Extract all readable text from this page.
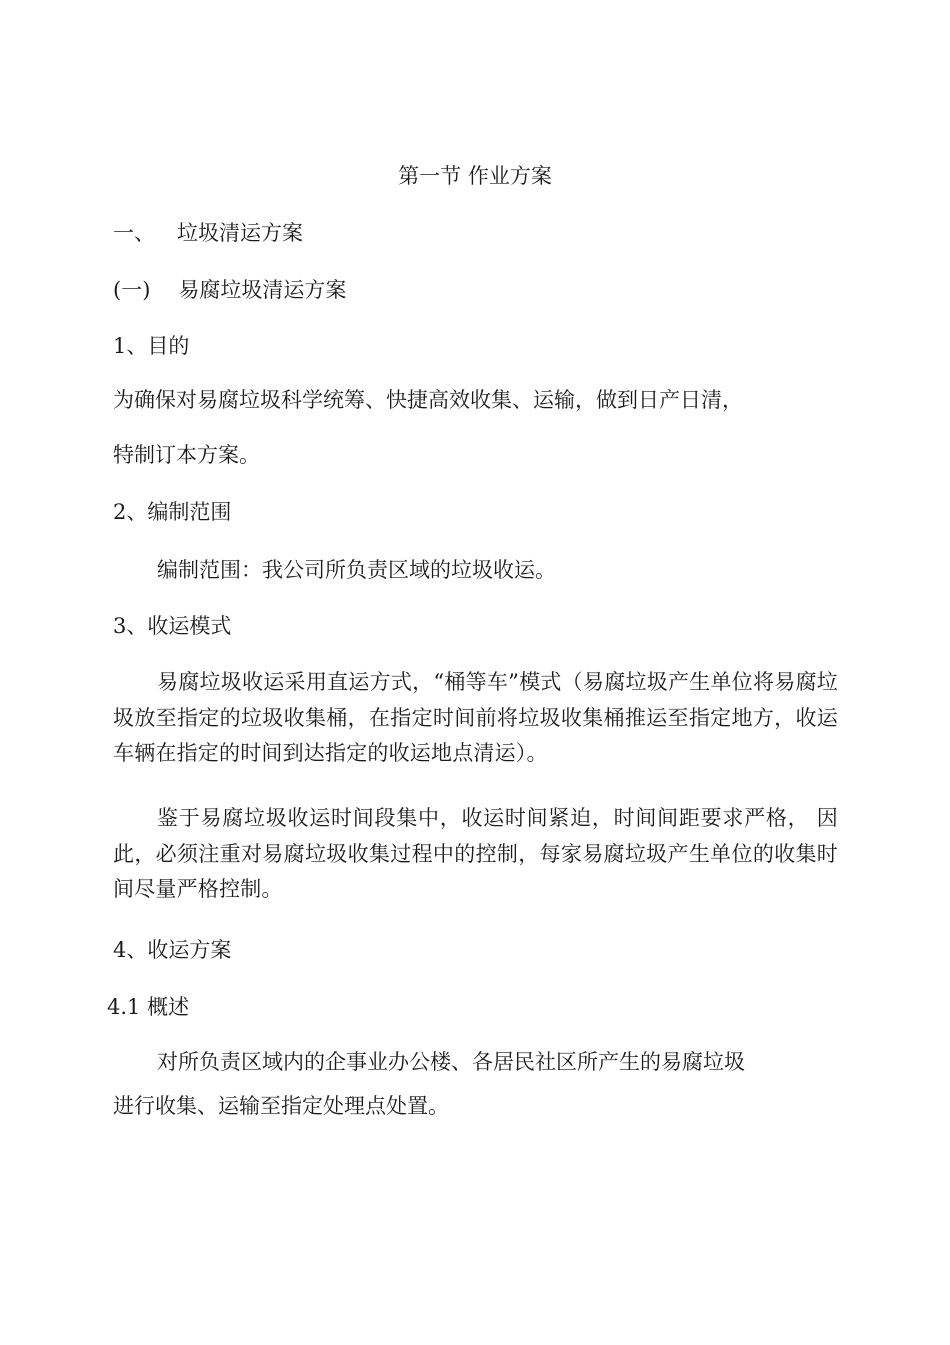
第一节 作业方案
一、 垃圾清运方案
(一) 易腐垃圾清运方案
1、目的
为确保对易腐垃圾科学统筹、快捷高效收集、运输，做到日产日清，
特制订本方案。
2、编制范围
编制范围：我公司所负责区域的垃圾收运。
3、收运模式
易腐垃圾收运采用直运方式，“桶等车”模式（易腐垃圾产生单位将易腐垃圾放至指定的垃圾收集桶，在指定时间前将垃圾收集桶推运至指定地方，收运车辆在指定的时间到达指定的收运地点清运）。
鉴于易腐垃圾收运时间段集中，收运时间紧迫，时间间距要求严格， 因此，必须注重对易腐垃圾收集过程中的控制，每家易腐垃圾产生单位的收集时间尽量严格控制。
4、收运方案
4.1 概述
对所负责区域内的企事业办公楼、各居民社区所产生的易腐垃圾
进行收集、运输至指定处理点处置。
